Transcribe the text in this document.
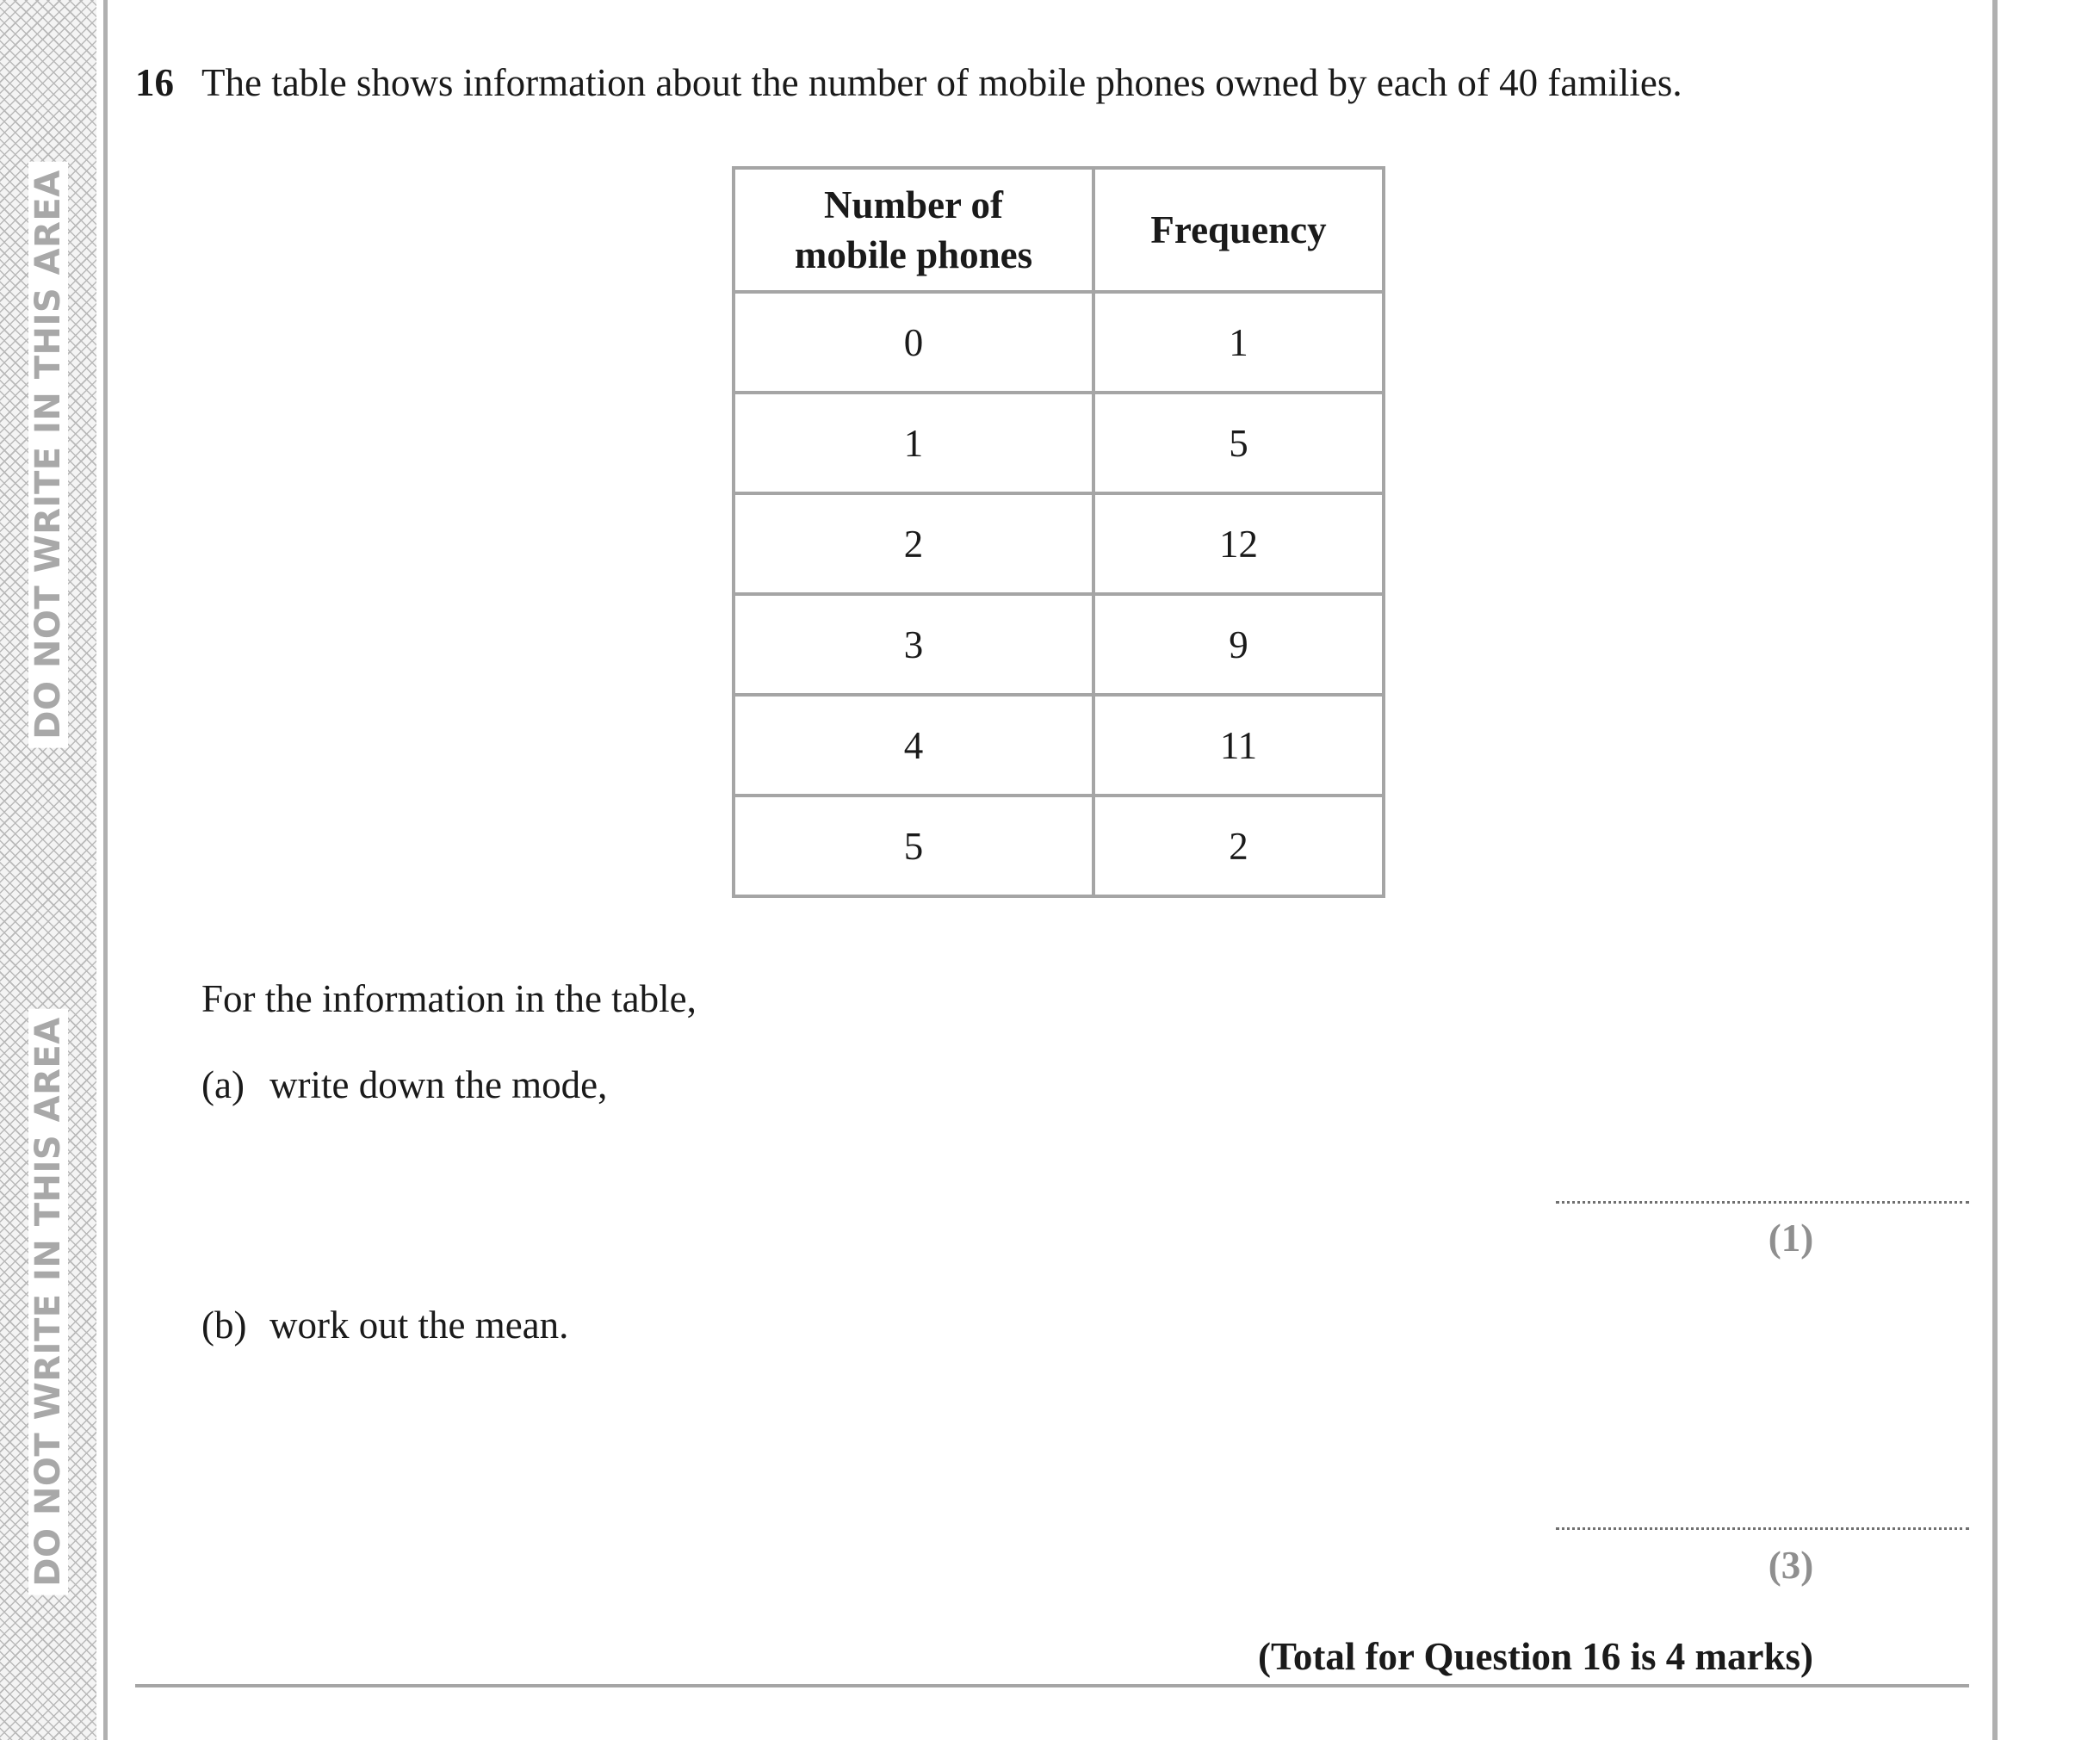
DO NOT WRITE IN THIS AREA
DO NOT WRITE IN THIS AREA
16 The table shows information about the number of mobile phones owned by each of 40 families.
Number of
mobile phones	Frequency
0	1
1	5
2	12
3	9
4	11
5	2
For the information in the table,
(a) write down the mode,
(1)
(b) work out the mean.
(3)
(Total for Question 16 is 4 marks)
